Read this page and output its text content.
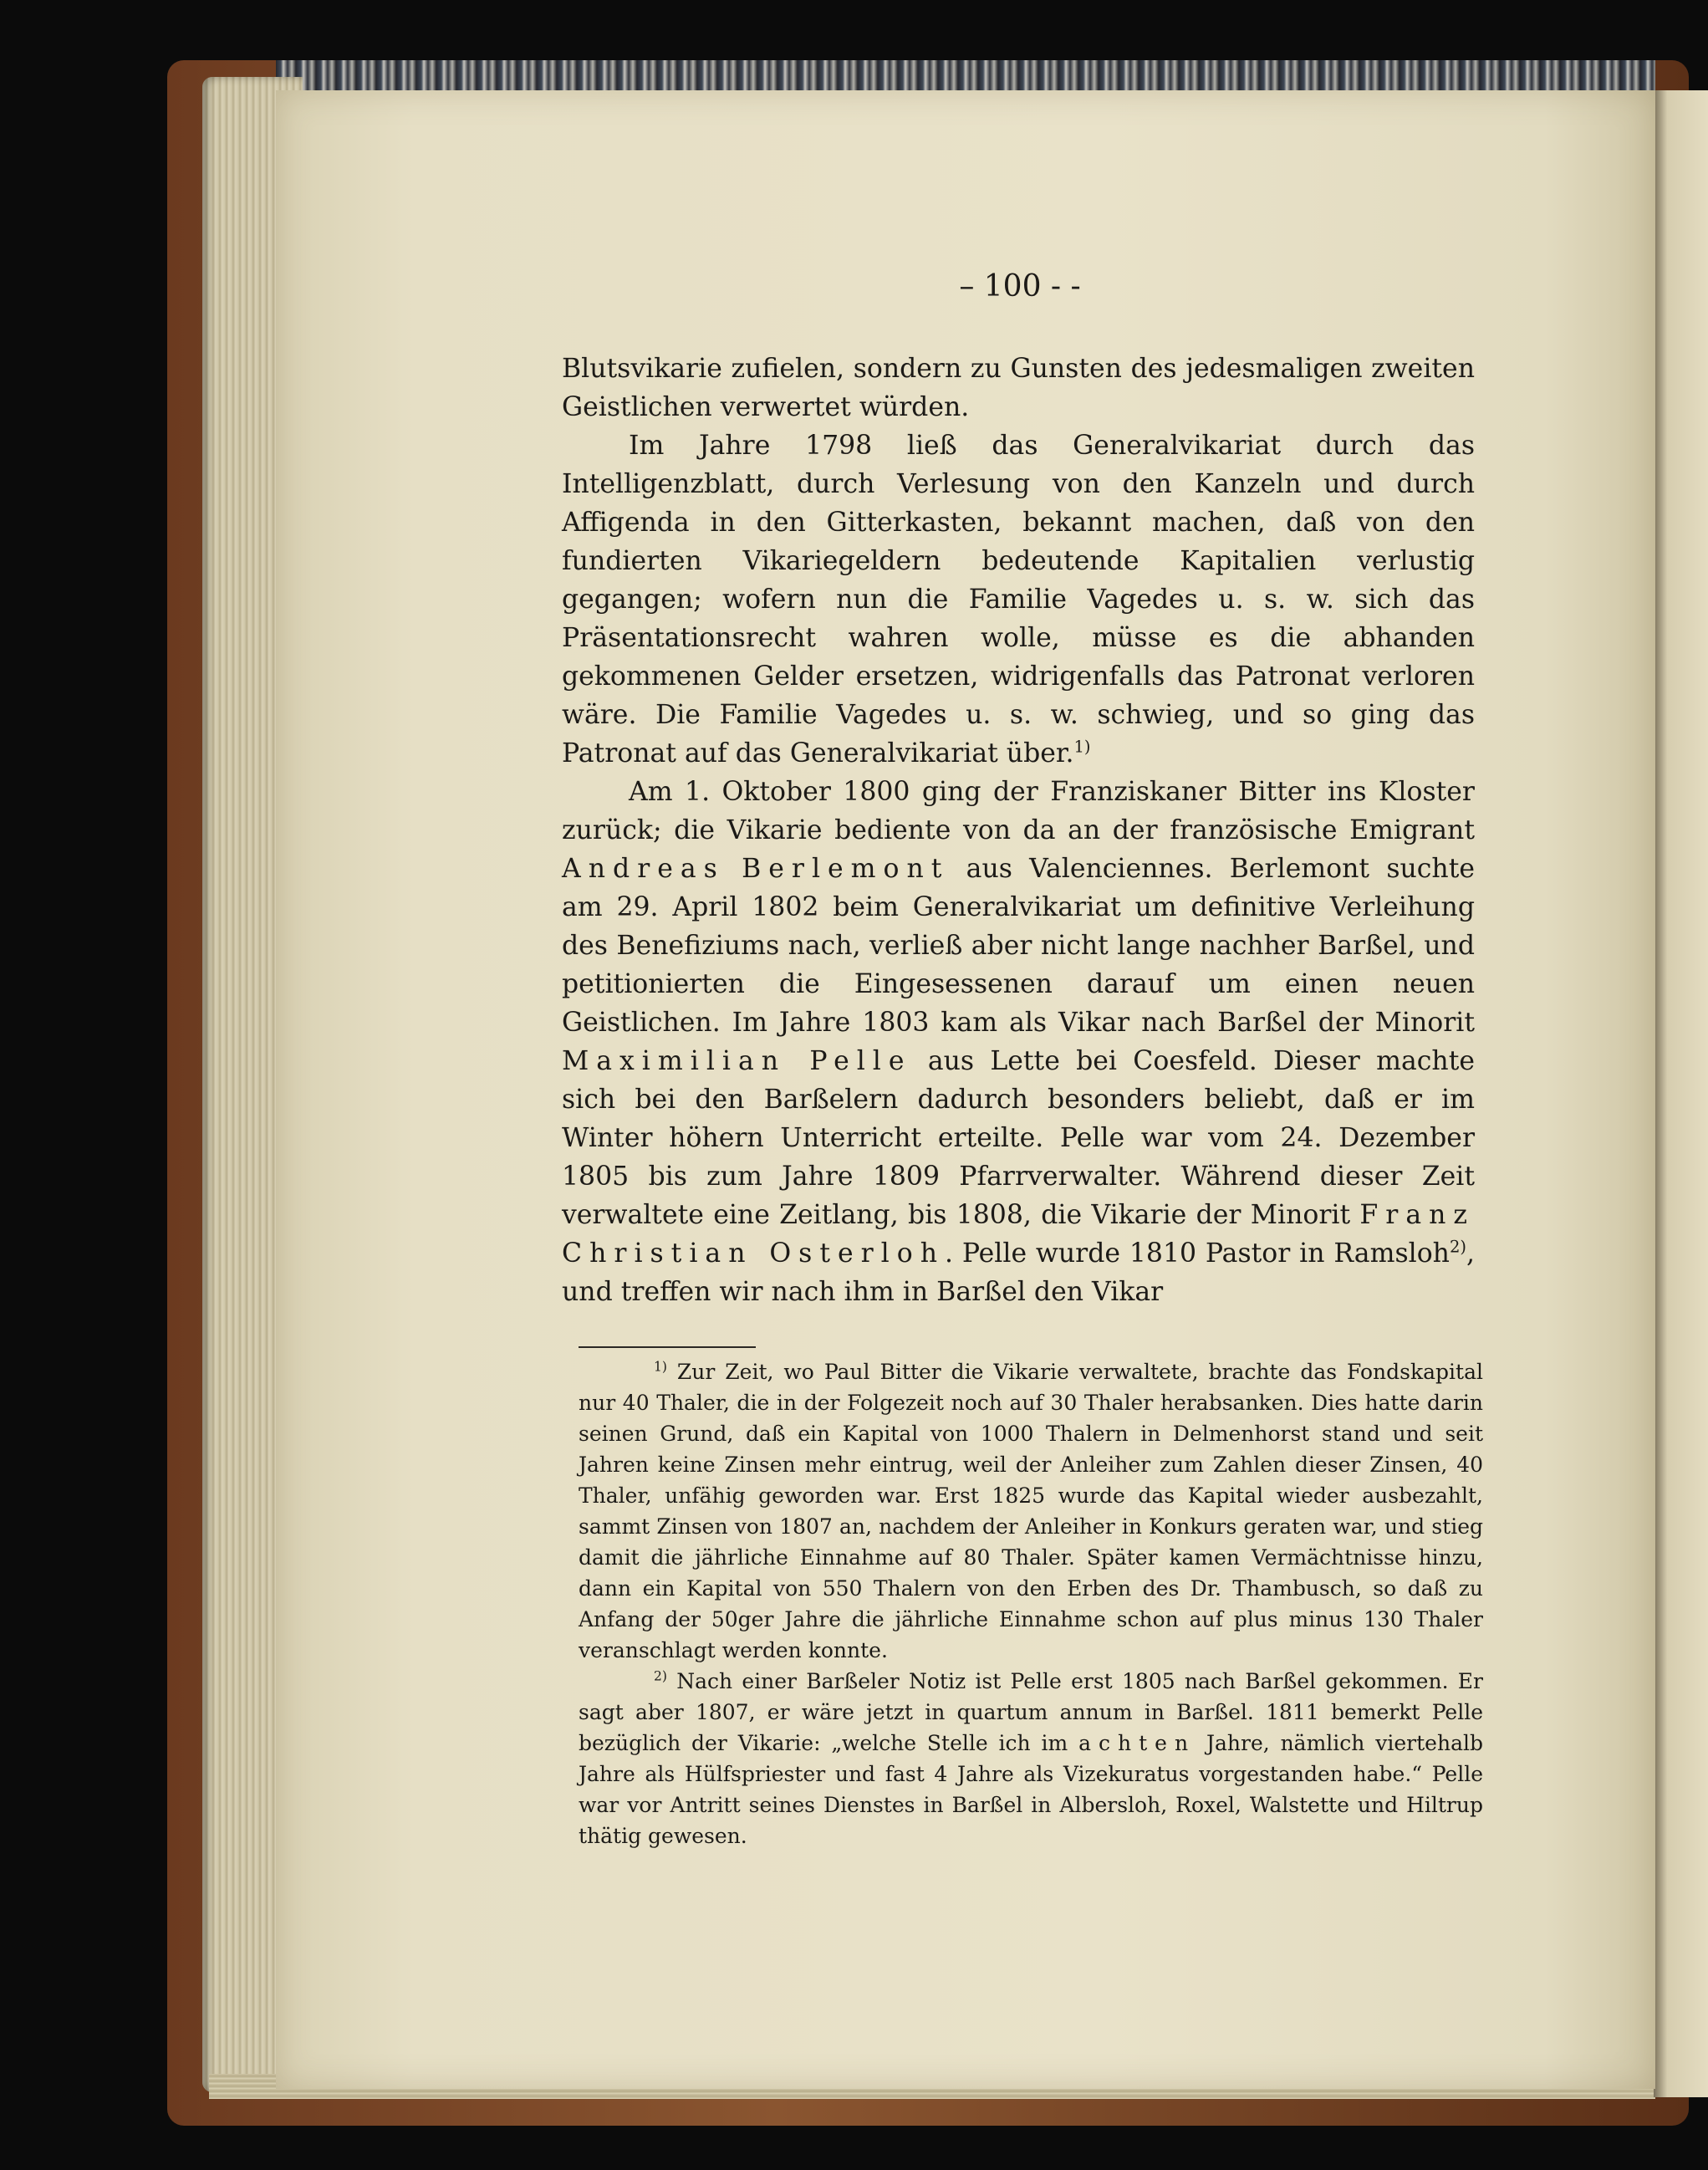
– 100 - -

Blutsvikarie zufielen, sondern zu Gunsten des jedesmaligen zweiten Geistlichen verwertet würden.

Im Jahre 1798 ließ das Generalvikariat durch das Intelligenzblatt, durch Verlesung von den Kanzeln und durch Affigenda in den Gitterkasten, bekannt machen, daß von den fundierten Vikariegeldern bedeutende Kapitalien verlustig gegangen; wofern nun die Familie Vagedes u. s. w. sich das Präsentationsrecht wahren wolle, müsse es die abhanden gekommenen Gelder ersetzen, widrigenfalls das Patronat verloren wäre. Die Familie Vagedes u. s. w. schwieg, und so ging das Patronat auf das Generalvikariat über.$^{1)}$

Am 1. Oktober 1800 ging der Franziskaner Bitter ins Kloster zurück; die Vikarie bediente von da an der französische Emigrant Andreas Berlemont aus Valenciennes. Berlemont suchte am 29. April 1802 beim Generalvikariat um definitive Verleihung des Benefiziums nach, verließ aber nicht lange nachher Barßel, und petitionierten die Eingesessenen darauf um einen neuen Geistlichen. Im Jahre 1803 kam als Vikar nach Barßel der Minorit Maximilian Pelle aus Lette bei Coesfeld. Dieser machte sich bei den Barßelern dadurch besonders beliebt, daß er im Winter höhern Unterricht erteilte. Pelle war vom 24. Dezember 1805 bis zum Jahre 1809 Pfarrverwalter. Während dieser Zeit verwaltete eine Zeitlang, bis 1808, die Vikarie der Minorit Franz Christian Osterloh. Pelle wurde 1810 Pastor in Ramsloh$^{2)}$, und treffen wir nach ihm in Barßel den Vikar

$^{1)}$ Zur Zeit, wo Paul Bitter die Vikarie verwaltete, brachte das Fondskapital nur 40 Thaler, die in der Folgezeit noch auf 30 Thaler herabsanken. Dies hatte darin seinen Grund, daß ein Kapital von 1000 Thalern in Delmenhorst stand und seit Jahren keine Zinsen mehr eintrug, weil der Anleiher zum Zahlen dieser Zinsen, 40 Thaler, unfähig geworden war. Erst 1825 wurde das Kapital wieder ausbezahlt, sammt Zinsen von 1807 an, nachdem der Anleiher in Konkurs geraten war, und stieg damit die jährliche Einnahme auf 80 Thaler. Später kamen Vermächtnisse hinzu, dann ein Kapital von 550 Thalern von den Erben des Dr. Thambusch, so daß zu Anfang der 50ger Jahre die jährliche Einnahme schon auf plus minus 130 Thaler veranschlagt werden konnte.

$^{2)}$ Nach einer Barßeler Notiz ist Pelle erst 1805 nach Barßel gekommen. Er sagt aber 1807, er wäre jetzt in quartum annum in Barßel. 1811 bemerkt Pelle bezüglich der Vikarie: „welche Stelle ich im achten Jahre, nämlich viertehalb Jahre als Hülfspriester und fast 4 Jahre als Vizekuratus vorgestanden habe.“ Pelle war vor Antritt seines Dienstes in Barßel in Albersloh, Roxel, Walstette und Hiltrup thätig gewesen.
